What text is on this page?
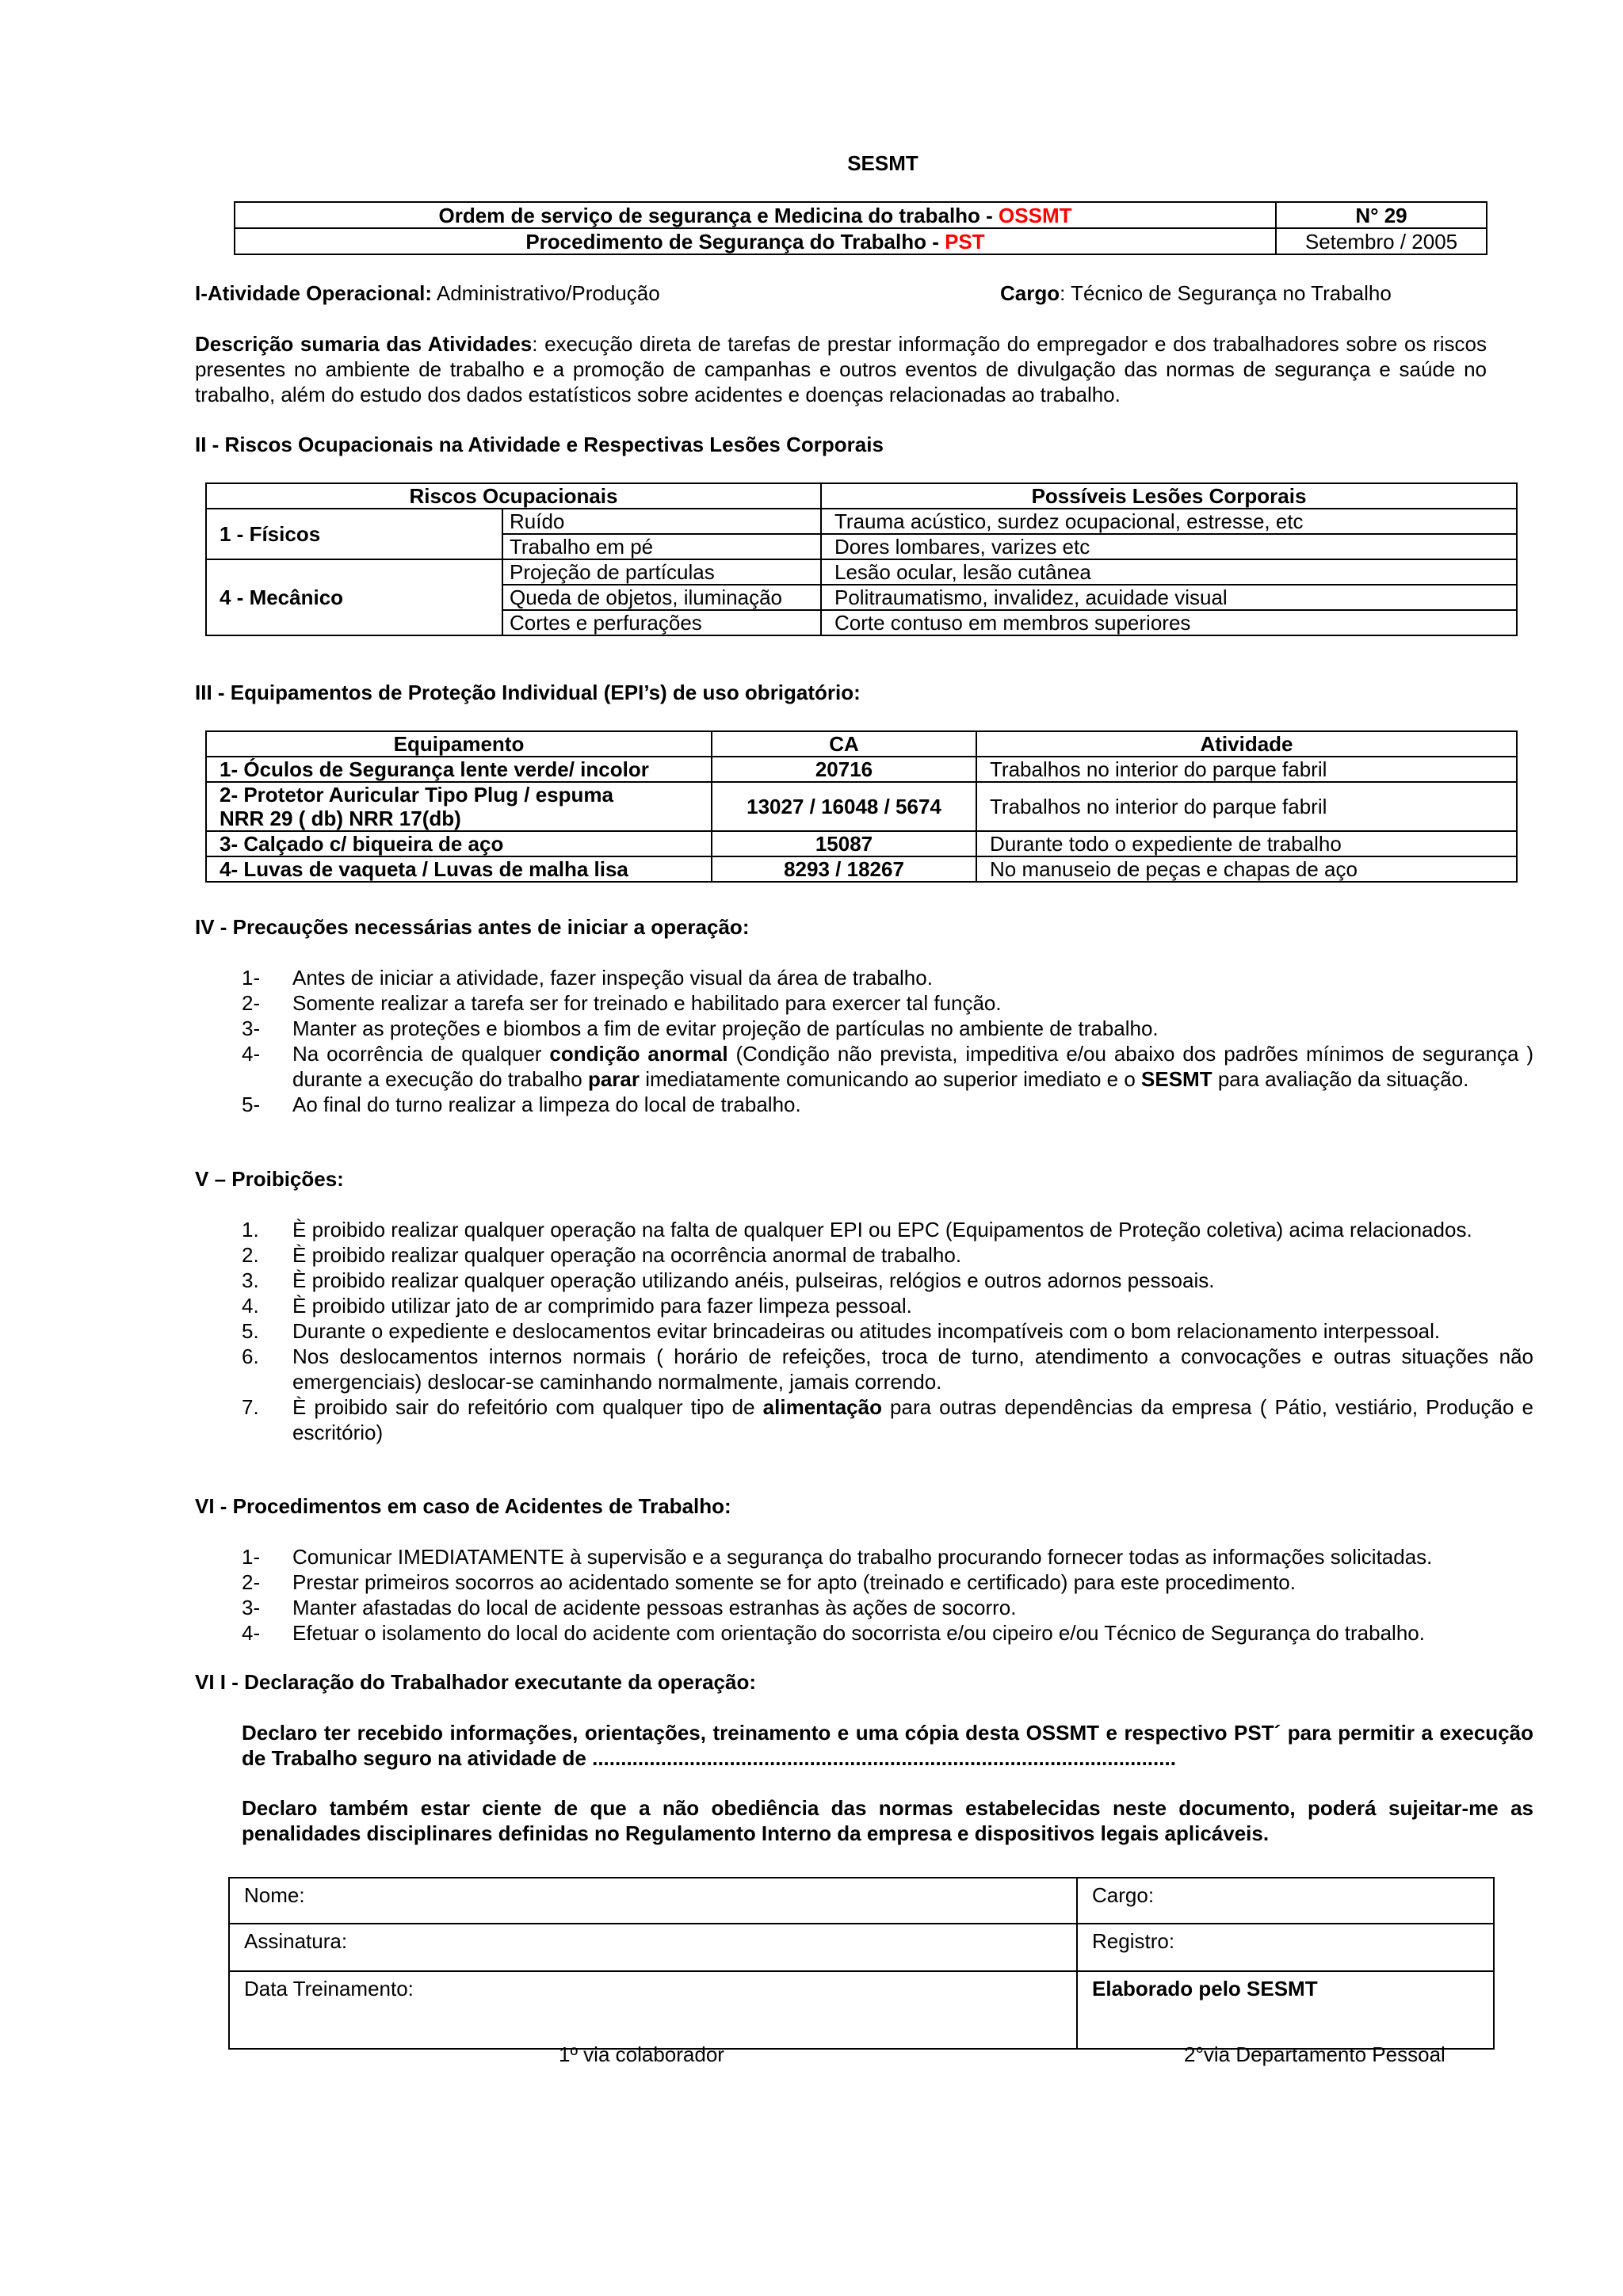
SESMT
Ordem de serviço de segurança e Medicina do trabalho - OSSMT	N° 29
Procedimento de Segurança do Trabalho - PST	Setembro / 2005
I-Atividade Operacional: Administrativo/Produção	Cargo: Técnico de Segurança no Trabalho
Descrição sumaria das Atividades: execução direta de tarefas de prestar informação do empregador e dos trabalhadores sobre os riscos presentes no ambiente de trabalho e a promoção de campanhas e outros eventos de divulgação das normas de segurança e saúde no trabalho, além do estudo dos dados estatísticos sobre acidentes e doenças relacionadas ao trabalho.
II - Riscos Ocupacionais na Atividade e Respectivas Lesões Corporais
Riscos Ocupacionais		Possíveis Lesões Corporais
1 - Físicos	Ruído	Trauma acústico, surdez ocupacional, estresse, etc
	Trabalho em pé	Dores lombares, varizes etc
4 - Mecânico	Projeção de partículas	Lesão ocular, lesão cutânea
	Queda de objetos, iluminação	Politraumatismo, invalidez, acuidade visual
	Cortes e perfurações	Corte contuso em membros superiores
III - Equipamentos de Proteção Individual (EPI’s) de uso obrigatório:
Equipamento	CA	Atividade
1- Óculos de Segurança lente verde/ incolor	20716	Trabalhos no interior do parque fabril
2- Protetor Auricular Tipo Plug / espuma
NRR 29 ( db) NRR 17(db)	13027 / 16048 / 5674	Trabalhos no interior do parque fabril
3- Calçado c/ biqueira de aço	15087	Durante todo o expediente de trabalho
4- Luvas de vaqueta / Luvas de malha lisa	8293 / 18267	No manuseio de peças e chapas de aço
IV - Precauções necessárias antes de iniciar a operação:
1-	Antes de iniciar a atividade, fazer inspeção visual da área de trabalho.
2-	Somente realizar a tarefa ser for treinado e habilitado para exercer tal função.
3-	Manter as proteções e biombos a fim de evitar projeção de partículas no ambiente de trabalho.
4-	Na ocorrência de qualquer condição anormal (Condição não prevista, impeditiva e/ou abaixo dos padrões mínimos de segurança ) durante a execução do trabalho parar imediatamente comunicando ao superior imediato e o SESMT para avaliação da situação.
5-	Ao final do turno realizar a limpeza do local de trabalho.
V – Proibições:
1.	È proibido realizar qualquer operação na falta de qualquer EPI ou EPC (Equipamentos de Proteção coletiva) acima relacionados.
2.	È proibido realizar qualquer operação na ocorrência anormal de trabalho.
3.	È proibido realizar qualquer operação utilizando anéis, pulseiras, relógios e outros adornos pessoais.
4.	È proibido utilizar jato de ar comprimido para fazer limpeza pessoal.
5.	Durante o expediente e deslocamentos evitar brincadeiras ou atitudes incompatíveis com o bom relacionamento interpessoal.
6.	Nos deslocamentos internos normais ( horário de refeições, troca de turno, atendimento a convocações e outras situações não emergenciais) deslocar-se caminhando normalmente, jamais correndo.
7.	È proibido sair do refeitório com qualquer tipo de alimentação para outras dependências da empresa ( Pátio, vestiário, Produção e escritório)
VI - Procedimentos em caso de Acidentes de Trabalho:
1-	Comunicar IMEDIATAMENTE à supervisão e a segurança do trabalho procurando fornecer todas as informações solicitadas.
2-	Prestar primeiros socorros ao acidentado somente se for apto (treinado e certificado) para este procedimento.
3-	Manter afastadas do local de acidente pessoas estranhas às ações de socorro.
4-	Efetuar o isolamento do local do acidente com orientação do socorrista e/ou cipeiro e/ou Técnico de Segurança do trabalho.
VI I - Declaração do Trabalhador executante da operação:
Declaro ter recebido informações, orientações, treinamento e uma cópia desta OSSMT e respectivo PST´ para permitir a execução de Trabalho seguro na atividade de ......................................................................................................
Declaro também estar ciente de que a não obediência das normas estabelecidas neste documento, poderá sujeitar-me as penalidades disciplinares definidas no Regulamento Interno da empresa e dispositivos legais aplicáveis.
Nome:	Cargo:
Assinatura:	Registro:
Data Treinamento:	Elaborado pelo SESMT
1º via colaborador	2°via Departamento Pessoal
